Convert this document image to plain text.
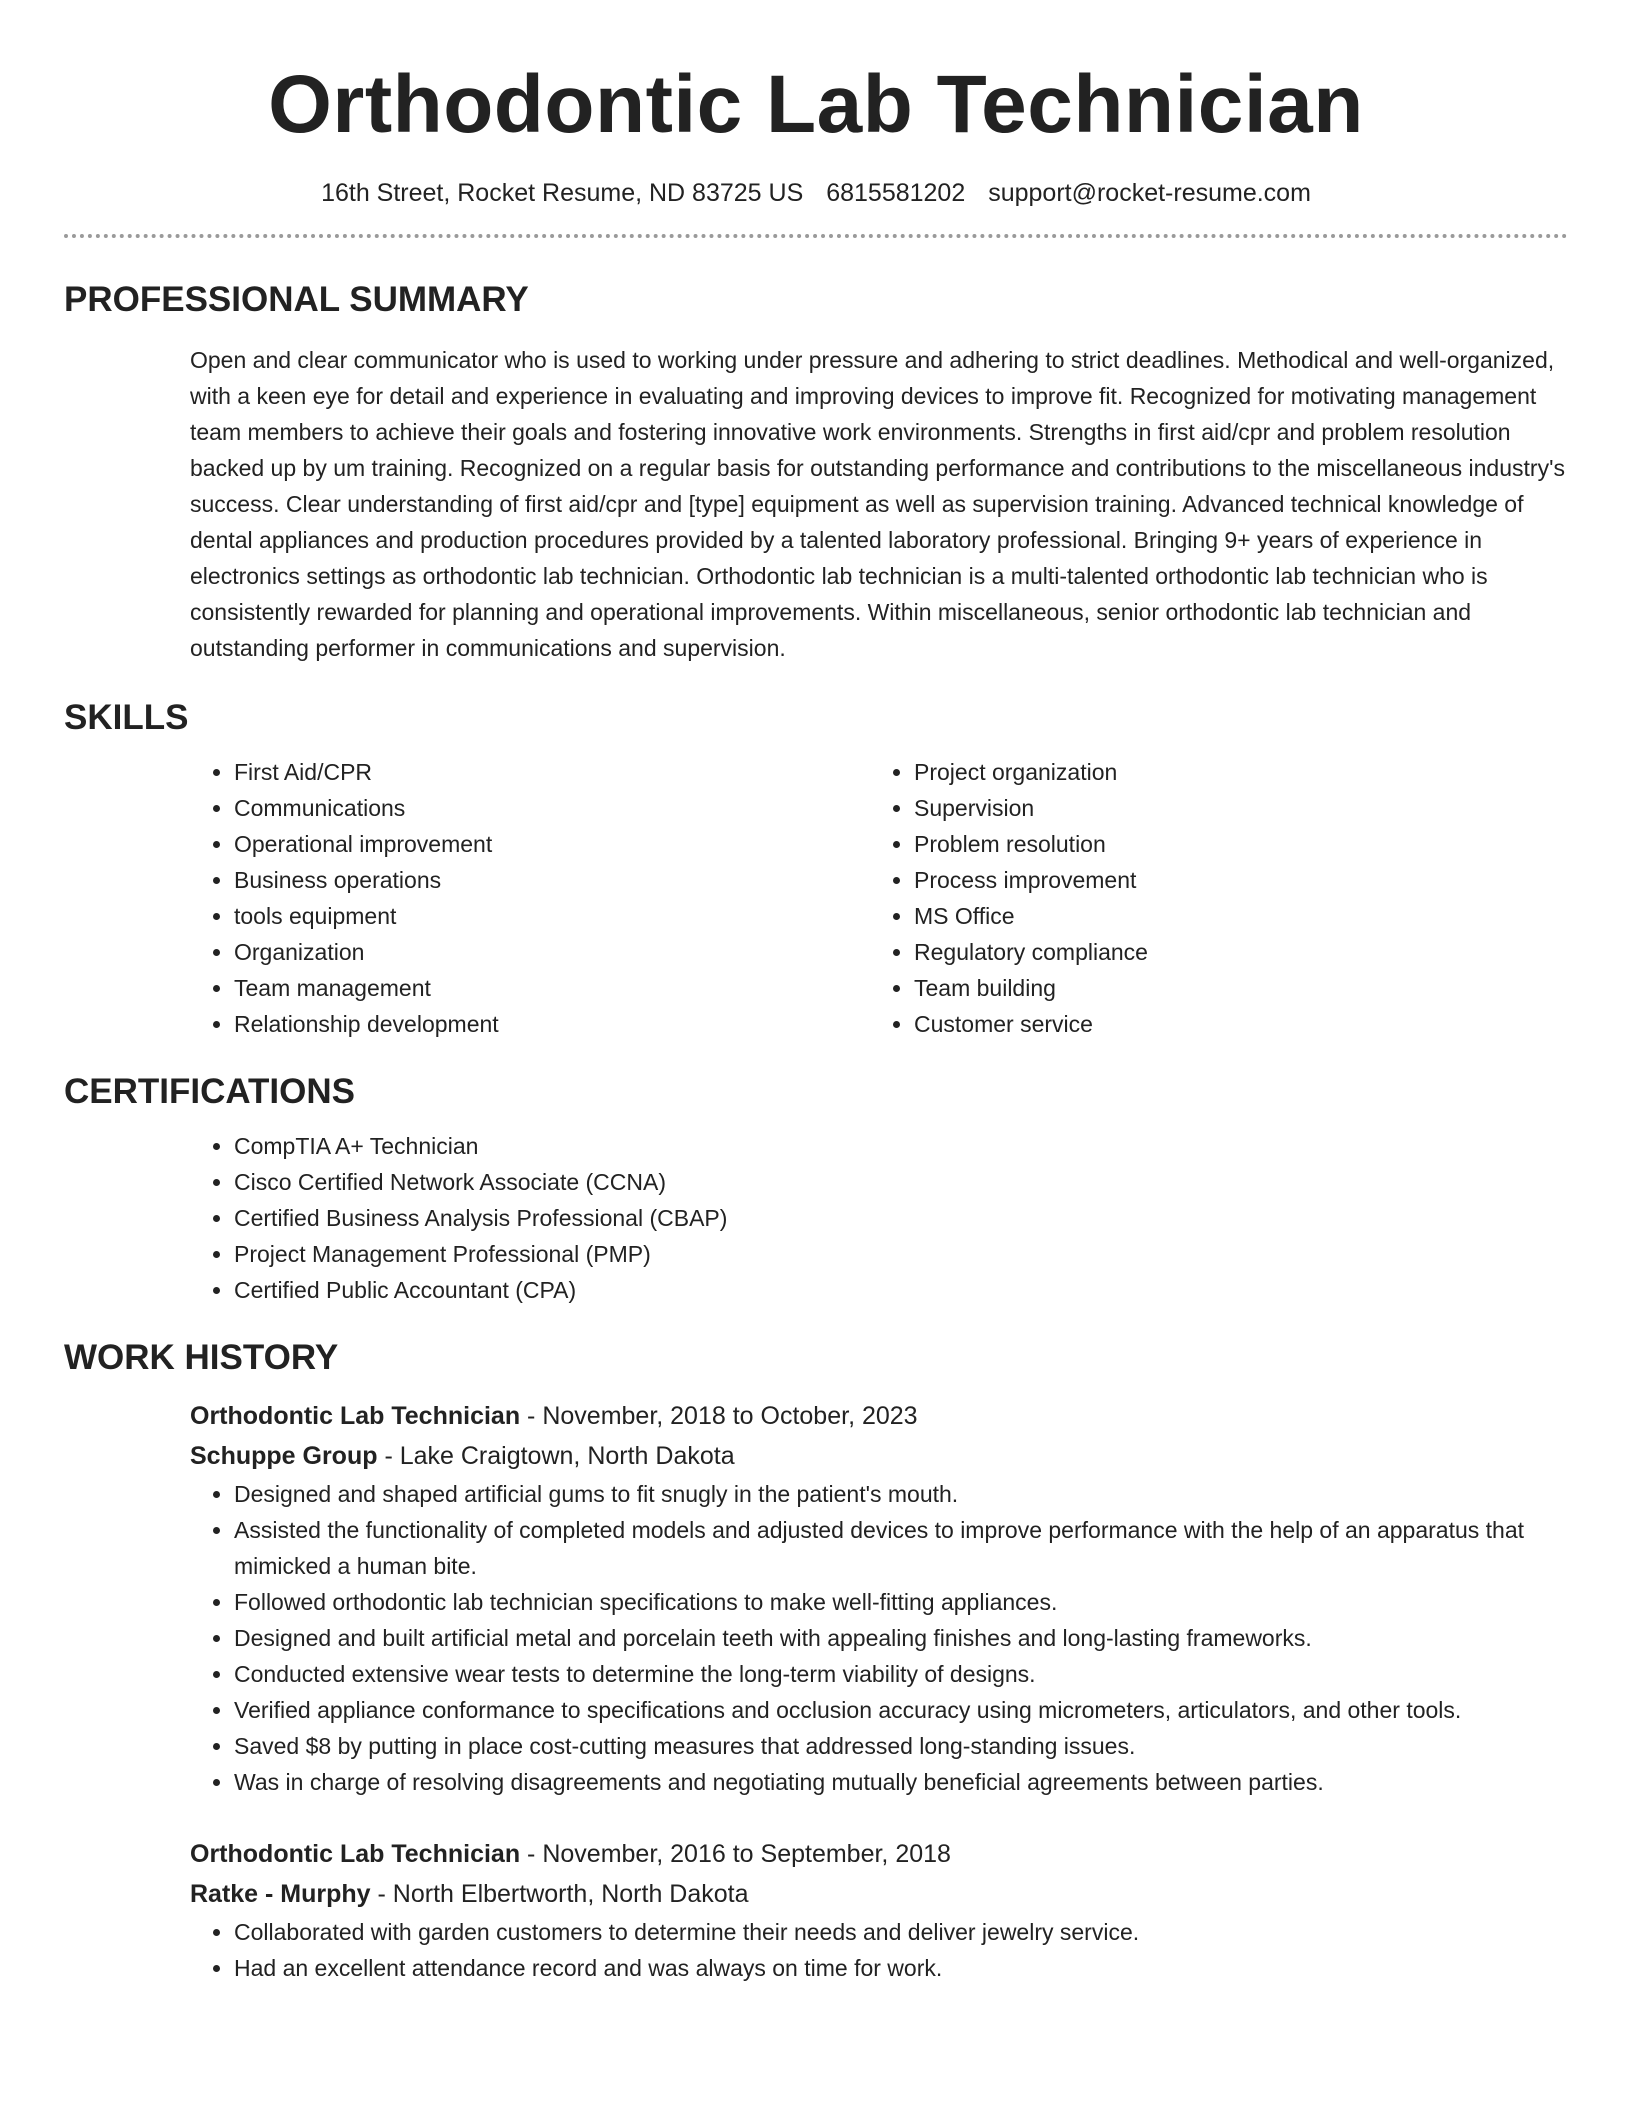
Orthodontic Lab Technician
16th Street, Rocket Resume, ND 83725 US 6815581202 support@rocket-resume.com
PROFESSIONAL SUMMARY

Open and clear communicator who is used to working under pressure and adhering to strict deadlines. Methodical and well-organized, with a keen eye for detail and experience in evaluating and improving devices to improve fit. Recognized for motivating management team members to achieve their goals and fostering innovative work environments. Strengths in first aid/cpr and problem resolution backed up by um training. Recognized on a regular basis for outstanding performance and contributions to the miscellaneous industry's success. Clear understanding of first aid/cpr and [type] equipment as well as supervision training. Advanced technical knowledge of dental appliances and production procedures provided by a talented laboratory professional. Bringing 9+ years of experience in electronics settings as orthodontic lab technician. Orthodontic lab technician is a multi-talented orthodontic lab technician who is consistently rewarded for planning and operational improvements. Within miscellaneous, senior orthodontic lab technician and outstanding performer in communications and supervision.

SKILLS
• First Aid/CPR
• Communications
• Operational improvement
• Business operations
• tools equipment
• Organization
• Team management
• Relationship development
• Project organization
• Supervision
• Problem resolution
• Process improvement
• MS Office
• Regulatory compliance
• Team building
• Customer service
CERTIFICATIONS
• CompTIA A+ Technician
• Cisco Certified Network Associate (CCNA)
• Certified Business Analysis Professional (CBAP)
• Project Management Professional (PMP)
• Certified Public Accountant (CPA)
WORK HISTORY
Orthodontic Lab Technician - November, 2018 to October, 2023
Schuppe Group - Lake Craigtown, North Dakota
• Designed and shaped artificial gums to fit snugly in the patient's mouth.
• Assisted the functionality of completed models and adjusted devices to improve performance with the help of an apparatus that mimicked a human bite.
• Followed orthodontic lab technician specifications to make well-fitting appliances.
• Designed and built artificial metal and porcelain teeth with appealing finishes and long-lasting frameworks.
• Conducted extensive wear tests to determine the long-term viability of designs.
• Verified appliance conformance to specifications and occlusion accuracy using micrometers, articulators, and other tools.
• Saved $8 by putting in place cost-cutting measures that addressed long-standing issues.
• Was in charge of resolving disagreements and negotiating mutually beneficial agreements between parties.
Orthodontic Lab Technician - November, 2016 to September, 2018
Ratke - Murphy - North Elbertworth, North Dakota
• Collaborated with garden customers to determine their needs and deliver jewelry service.
• Had an excellent attendance record and was always on time for work.
